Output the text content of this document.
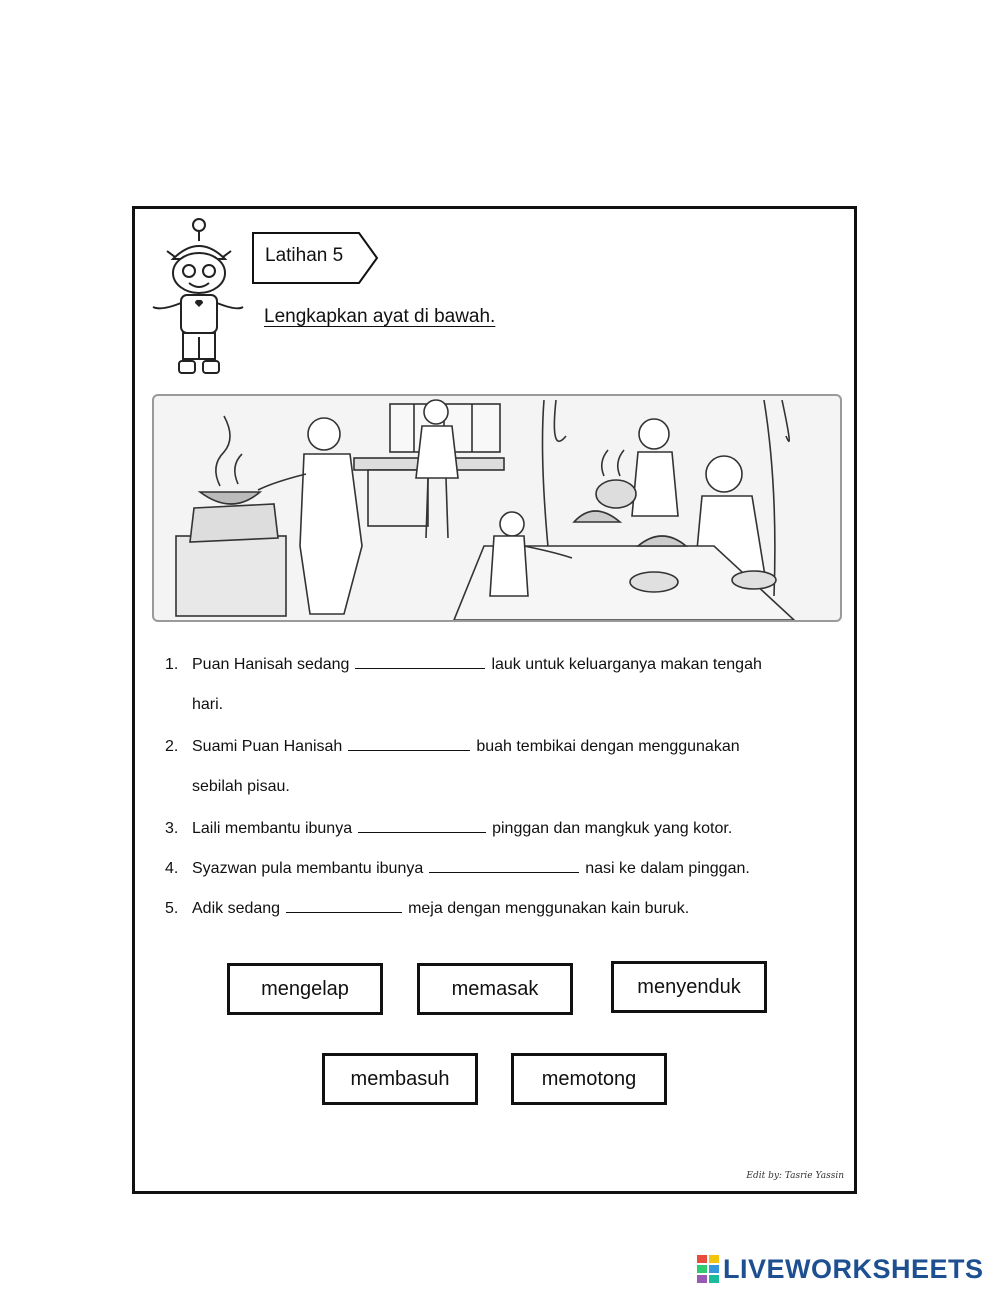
Latihan 5
Lengkapkan ayat di bawah.
1. Puan Hanisah sedang	lauk untuk keluarganya makan tengah
hari.
2. Suami Puan Hanisah	buah tembikai dengan menggunakan
sebilah pisau.
3. Laili membantu ibunya	pinggan dan mangkuk yang kotor.
4. Syazwan pula membantu ibunya	nasi ke dalam pinggan.
5. Adik sedang	meja dengan menggunakan kain buruk.
mengelap	memasak	menyenduk
membasuh	memotong
Edit by: Tasrie Yassin
LIVEWORKSHEETS
